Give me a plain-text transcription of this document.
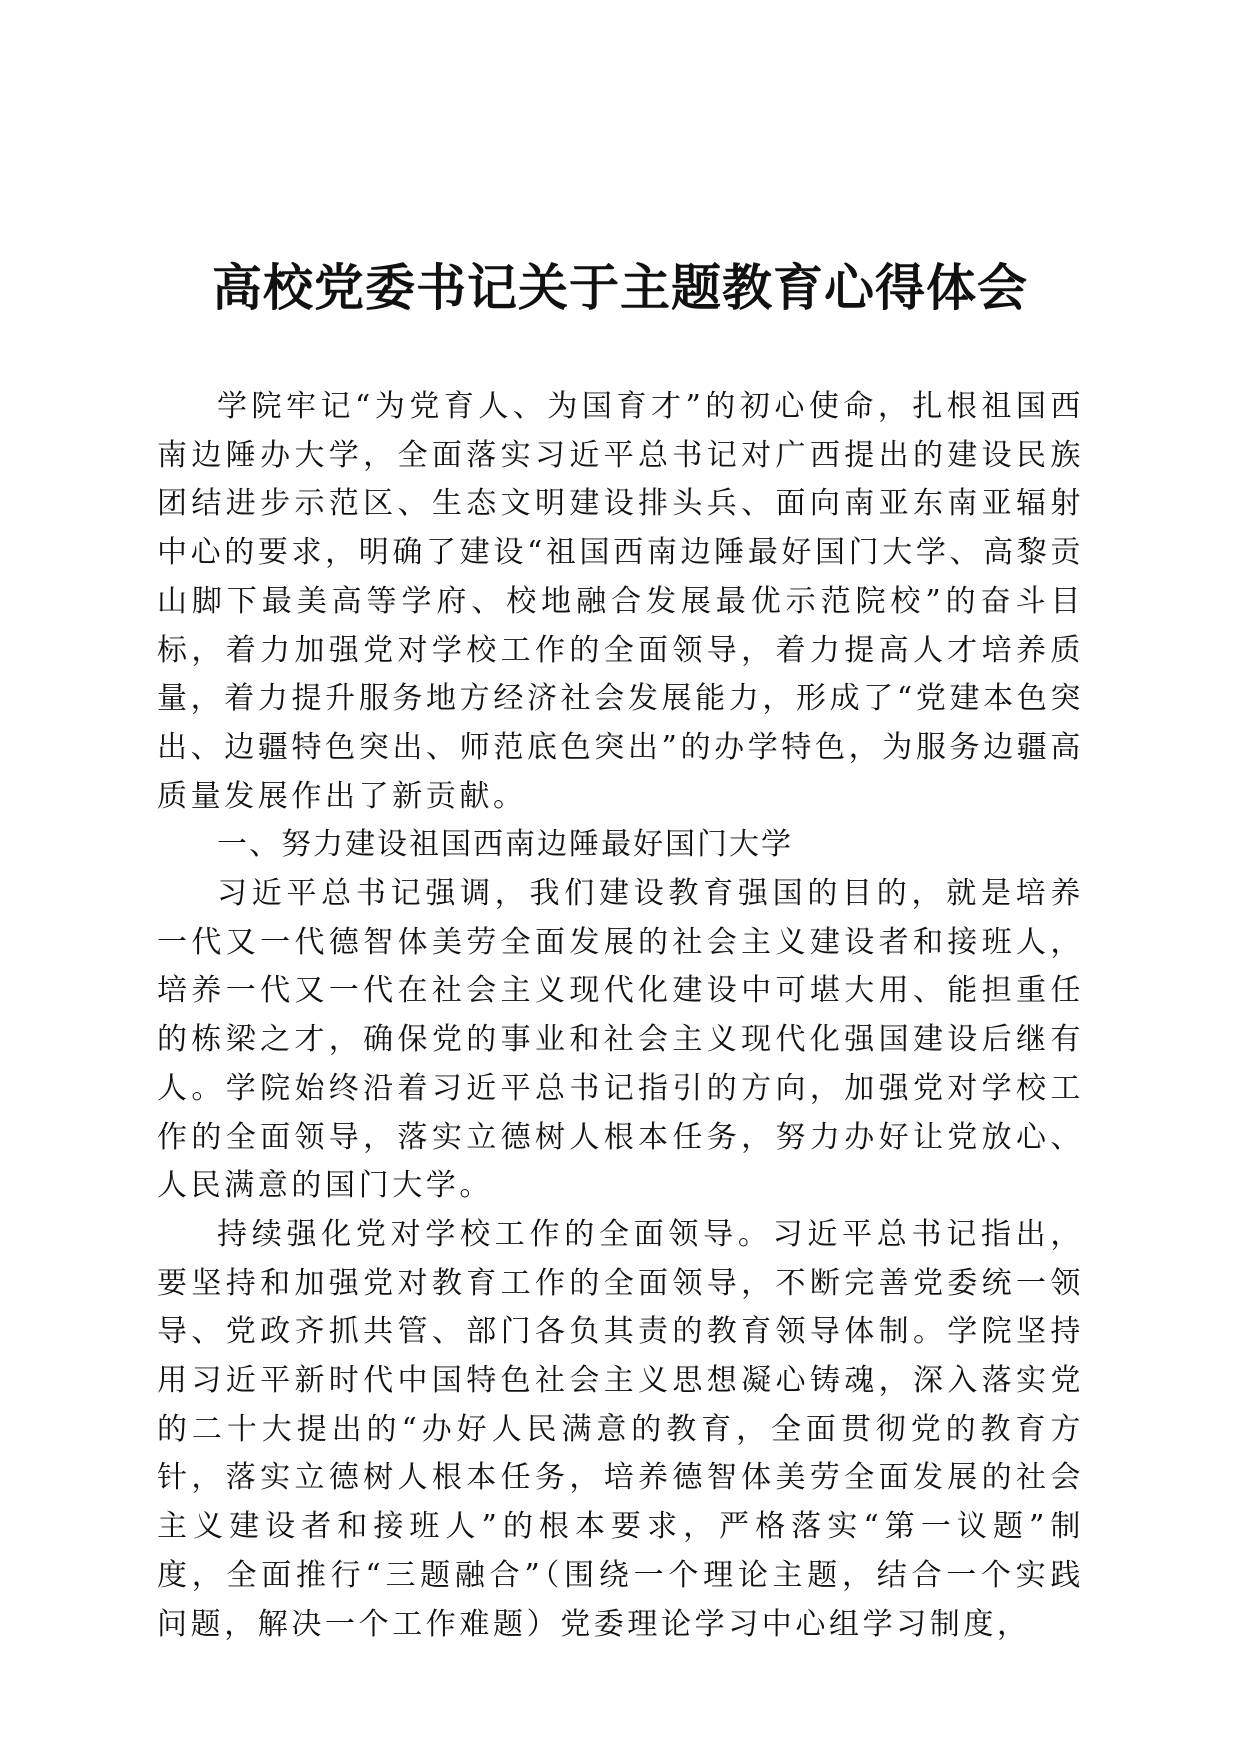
高校党委书记关于主题教育心得体会

学院牢记“为党育人、为国育才”的初心使命，扎根祖国西南边陲办大学，全面落实习近平总书记对广西提出的建设民族团结进步示范区、生态文明建设排头兵、面向南亚东南亚辐射中心的要求，明确了建设“祖国西南边陲最好国门大学、高黎贡山脚下最美高等学府、校地融合发展最优示范院校”的奋斗目标，着力加强党对学校工作的全面领导，着力提高人才培养质量，着力提升服务地方经济社会发展能力，形成了“党建本色突出、边疆特色突出、师范底色突出”的办学特色，为服务边疆高质量发展作出了新贡献。

一、努力建设祖国西南边陲最好国门大学

习近平总书记强调，我们建设教育强国的目的，就是培养一代又一代德智体美劳全面发展的社会主义建设者和接班人，培养一代又一代在社会主义现代化建设中可堪大用、能担重任的栋梁之才，确保党的事业和社会主义现代化强国建设后继有人。学院始终沿着习近平总书记指引的方向，加强党对学校工作的全面领导，落实立德树人根本任务，努力办好让党放心、人民满意的国门大学。

持续强化党对学校工作的全面领导。习近平总书记指出，要坚持和加强党对教育工作的全面领导，不断完善党委统一领导、党政齐抓共管、部门各负其责的教育领导体制。学院坚持用习近平新时代中国特色社会主义思想凝心铸魂，深入落实党的二十大提出的“办好人民满意的教育，全面贯彻党的教育方针，落实立德树人根本任务，培养德智体美劳全面发展的社会主义建设者和接班人”的根本要求，严格落实“第一议题”制度，全面推行“三题融合”（围绕一个理论主题，结合一个实践问题，解决一个工作难题）党委理论学习中心组学习制度，
